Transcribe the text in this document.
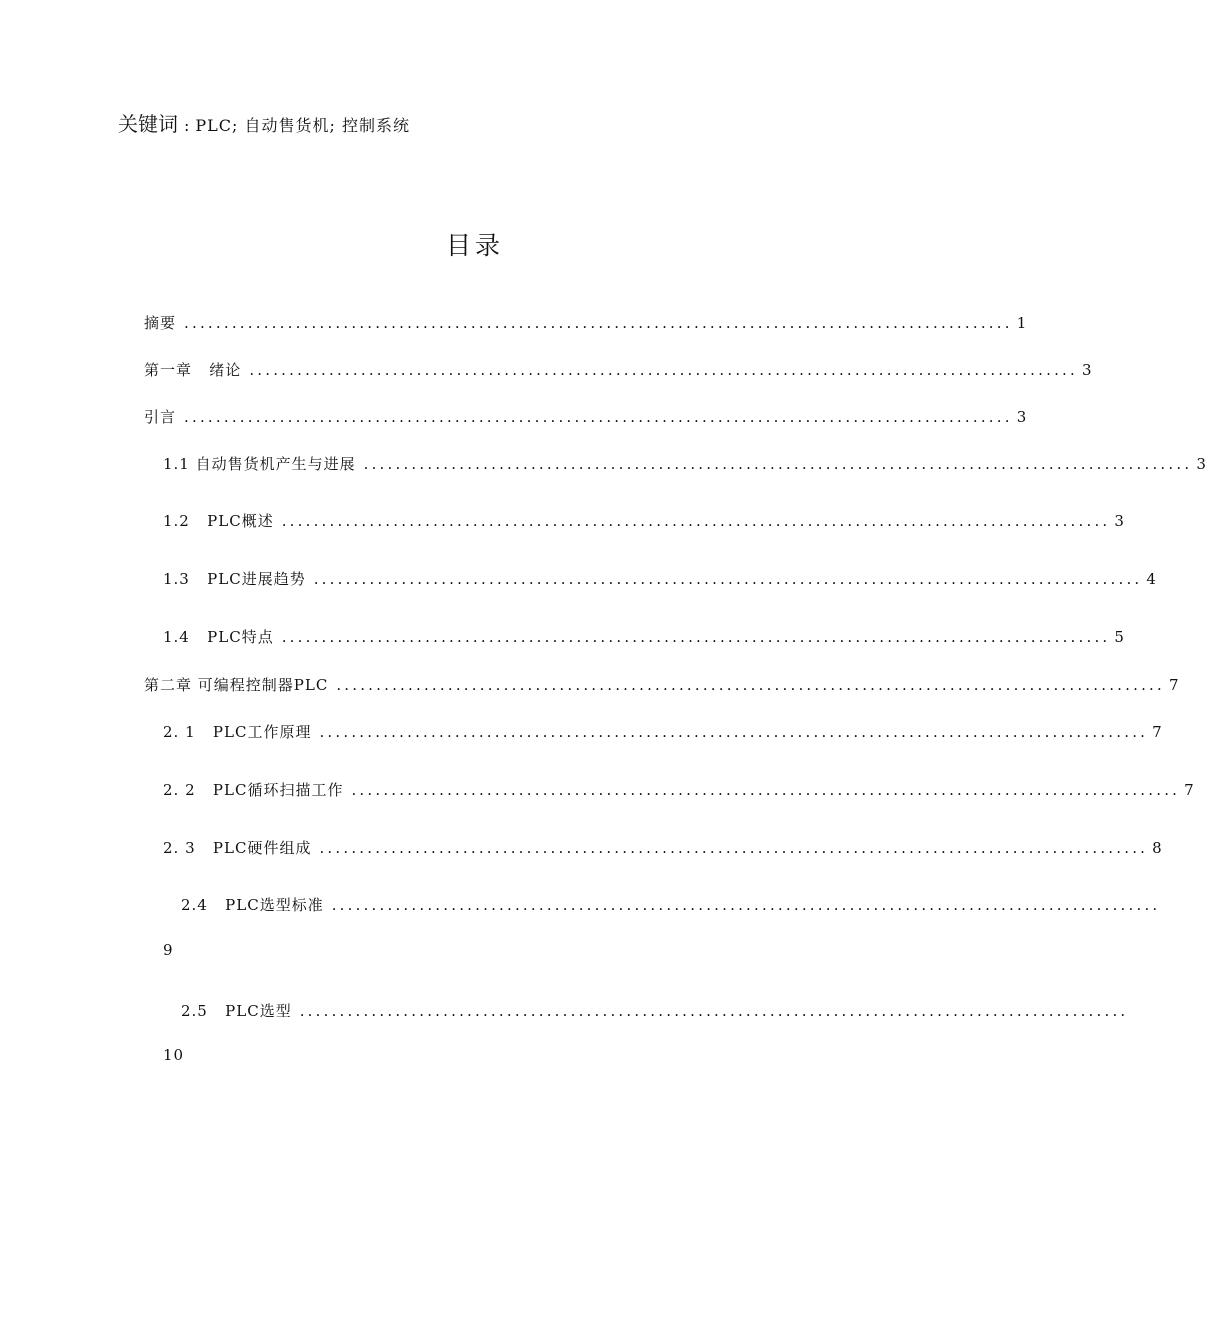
关键词 : PLC; 自动售货机; 控制系统
目录
摘要 ........................................................................................................ 1
第一章   绪论 ........................................................................................................ 3
引言 ........................................................................................................ 3
1.1 自动售货机产生与进展 ........................................................................................................ 3
1.2   PLC概述 ........................................................................................................ 3
1.3   PLC进展趋势 ........................................................................................................ 4
1.4   PLC特点 ........................................................................................................ 5
第二章 可编程控制器PLC ........................................................................................................ 7
2. 1   PLC工作原理 ........................................................................................................ 7
2. 2   PLC循环扫描工作 ........................................................................................................ 7
2. 3   PLC硬件组成 ........................................................................................................ 8
2.4   PLC选型标准 ........................................................................................................
9
2.5   PLC选型 ........................................................................................................
10
